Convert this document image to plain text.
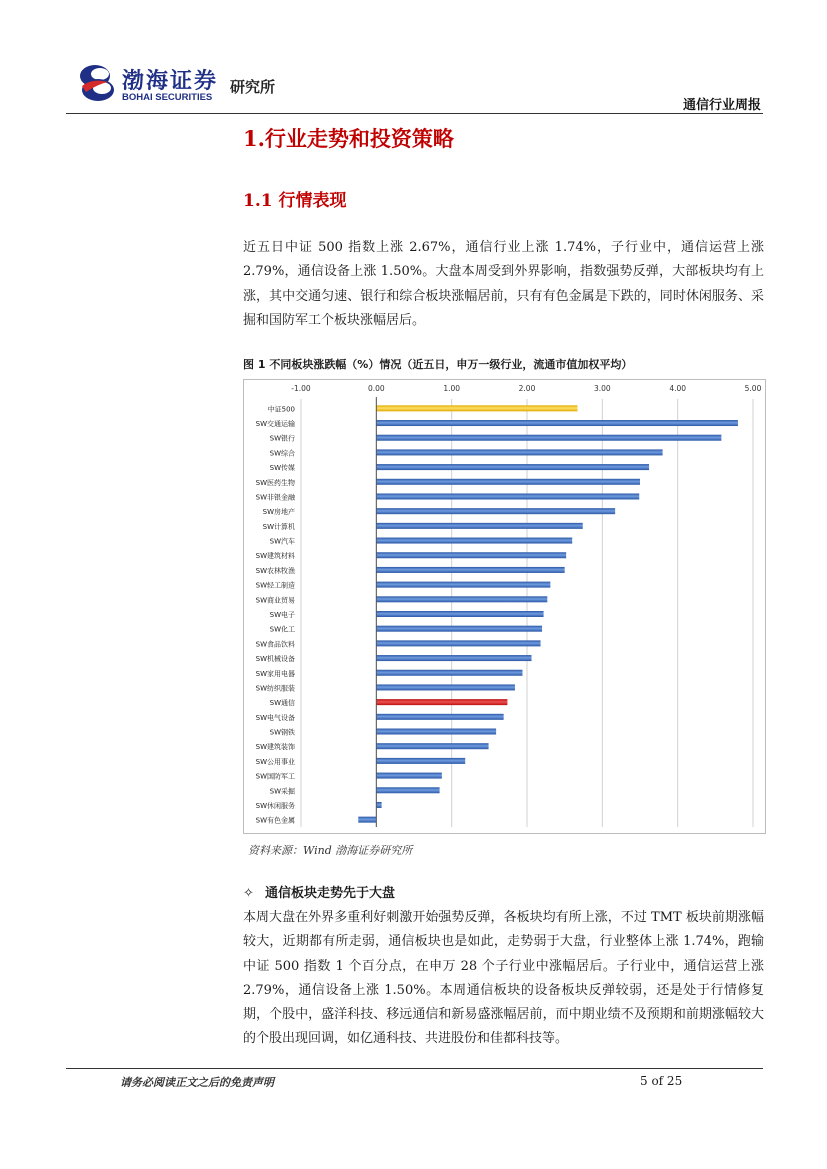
渤海证券
BOHAI SECURITIES
研究所
通信行业周报
1.行业走势和投资策略
1.1 行情表现
近五日中证 500 指数上涨 2.67%，通信行业上涨 1.74%，子行业中，通信运营上涨 2.79%，通信设备上涨 1.50%。大盘本周受到外界影响，指数强势反弹，大部板块均有上涨，其中交通匀速、银行和综合板块涨幅居前，只有有色金属是下跌的，同时休闲服务、采掘和国防军工个板块涨幅居后。
图 1 不同板块涨跌幅（%）情况（近五日，申万一级行业，流通市值加权平均）
-1.00	0.00	1.00	2.00	3.00	4.00	5.00
中证500
SW交通运输
SW银行
SW综合
SW传媒
SW医药生物
SW非银金融
SW房地产
SW计算机
SW汽车
SW建筑材料
SW农林牧渔
SW轻工制造
SW商业贸易
SW电子
SW化工
SW食品饮料
SW机械设备
SW家用电器
SW纺织服装
SW通信
SW电气设备
SW钢铁
SW建筑装饰
SW公用事业
SW国防军工
SW采掘
SW休闲服务
SW有色金属
资料来源：Wind 渤海证券研究所
✧ 通信板块走势先于大盘
本周大盘在外界多重利好刺激开始强势反弹，各板块均有所上涨，不过 TMT 板块前期涨幅较大，近期都有所走弱，通信板块也是如此，走势弱于大盘，行业整体上涨 1.74%，跑输中证 500 指数 1 个百分点，在申万 28 个子行业中涨幅居后。子行业中，通信运营上涨 2.79%，通信设备上涨 1.50%。本周通信板块的设备板块反弹较弱，还是处于行情修复期，个股中，盛洋科技、移远通信和新易盛涨幅居前，而中期业绩不及预期和前期涨幅较大的个股出现回调，如亿通科技、共进股份和佳都科技等。
请务必阅读正文之后的免责声明	5 of 25
